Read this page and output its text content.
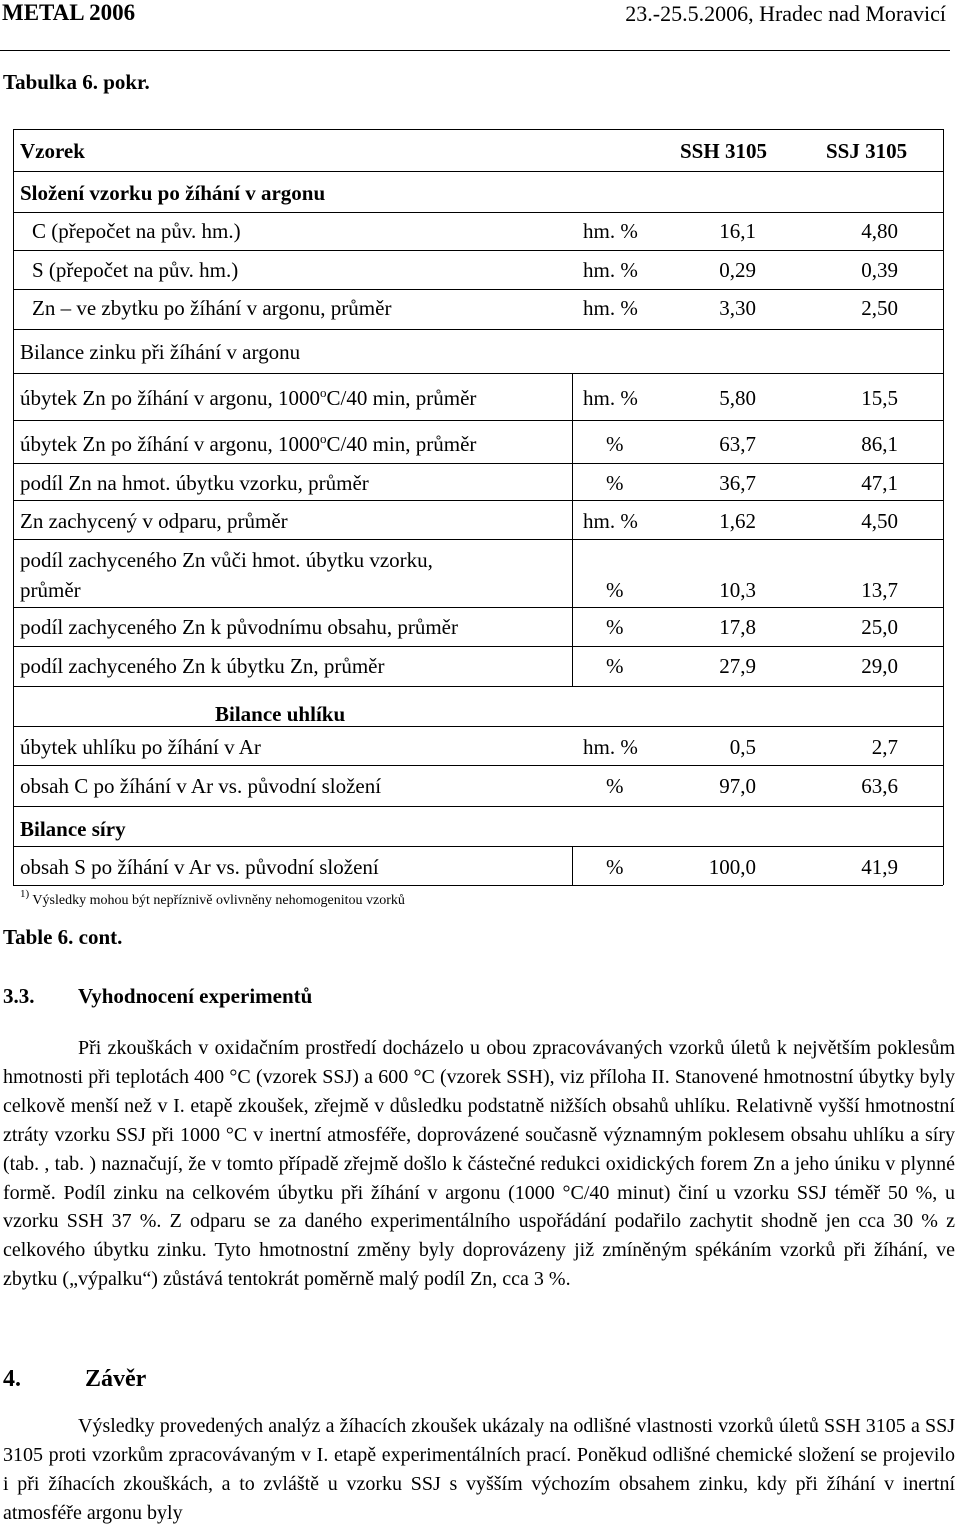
METAL 2006	23.-25.5.2006, Hradec nad Moravicí
Tabulka 6. pokr.
Vzorek	SSH 3105	SSJ 3105
Složení vzorku po žíhání v argonu
C (přepočet na pův. hm.)	hm. %	16,1	4,80
S (přepočet na pův. hm.)	hm. %	0,29	0,39
Zn – ve zbytku po žíhání v argonu, průměr	hm. %	3,30	2,50
Bilance zinku při žíhání v argonu
úbytek Zn po žíhání v argonu, 1000$^o$C/40 min, průměr	hm. %	5,80	15,5
úbytek Zn po žíhání v argonu, 1000$^o$C/40 min, průměr	%	63,7	86,1
podíl Zn na hmot. úbytku vzorku, průměr	%	36,7	47,1
Zn zachycený v odparu, průměr	hm. %	1,62	4,50
podíl zachyceného Zn vůči hmot. úbytku vzorku,
průměr	%	10,3	13,7
podíl zachyceného Zn k původnímu obsahu, průměr	%	17,8	25,0
podíl zachyceného Zn k úbytku Zn, průměr	%	27,9	29,0
Bilance uhlíku
úbytek uhlíku po žíhání v Ar	hm. %	0,5	2,7
obsah C po žíhání v Ar vs. původní složení	%	97,0	63,6
Bilance síry
obsah S po žíhání v Ar vs. původní složení	%	100,0	41,9
$^{1)}$ Výsledky mohou být nepříznivě ovlivněny nehomogenitou vzorků
Table 6. cont.
3.3. Vyhodnocení experimentů

Při zkouškách v oxidačním prostředí docházelo u obou zpracovávaných vzorků úletů k největším poklesům hmotnosti při teplotách 400 °C (vzorek SSJ) a 600 °C (vzorek SSH), viz příloha II. Stanovené hmotnostní úbytky byly celkově menší než v I. etapě zkoušek, zřejmě v důsledku podstatně nižších obsahů uhlíku. Relativně vyšší hmotnostní ztráty vzorku SSJ při 1000 °C v inertní atmosféře, doprovázené současně významným poklesem obsahu uhlíku a síry (tab. , tab. ) naznačují, že v tomto případě zřejmě došlo k částečné redukci oxidických forem Zn a jeho úniku v plynné formě. Podíl zinku na celkovém úbytku při žíhání v argonu (1000 °C/40 minut) činí u vzorku SSJ téměř 50 %, u vzorku SSH 37 %. Z odparu se za daného experimentálního uspořádání podařilo zachytit shodně jen cca 30 % z celkového úbytku zinku. Tyto hmotnostní změny byly doprovázeny již zmíněným spékáním vzorků při žíhání, ve zbytku („výpalku“) zůstává tentokrát poměrně malý podíl Zn, cca 3 %.

4.	Závěr

Výsledky provedených analýz a žíhacích zkoušek ukázaly na odlišné vlastnosti vzorků úletů SSH 3105 a SSJ 3105 proti vzorkům zpracovávaným v I. etapě experimentálních prací. Poněkud odlišné chemické složení se projevilo i při žíhacích zkouškách, a to zvláště u vzorku SSJ s vyšším výchozím obsahem zinku, kdy při žíhání v inertní atmosféře argonu byly
